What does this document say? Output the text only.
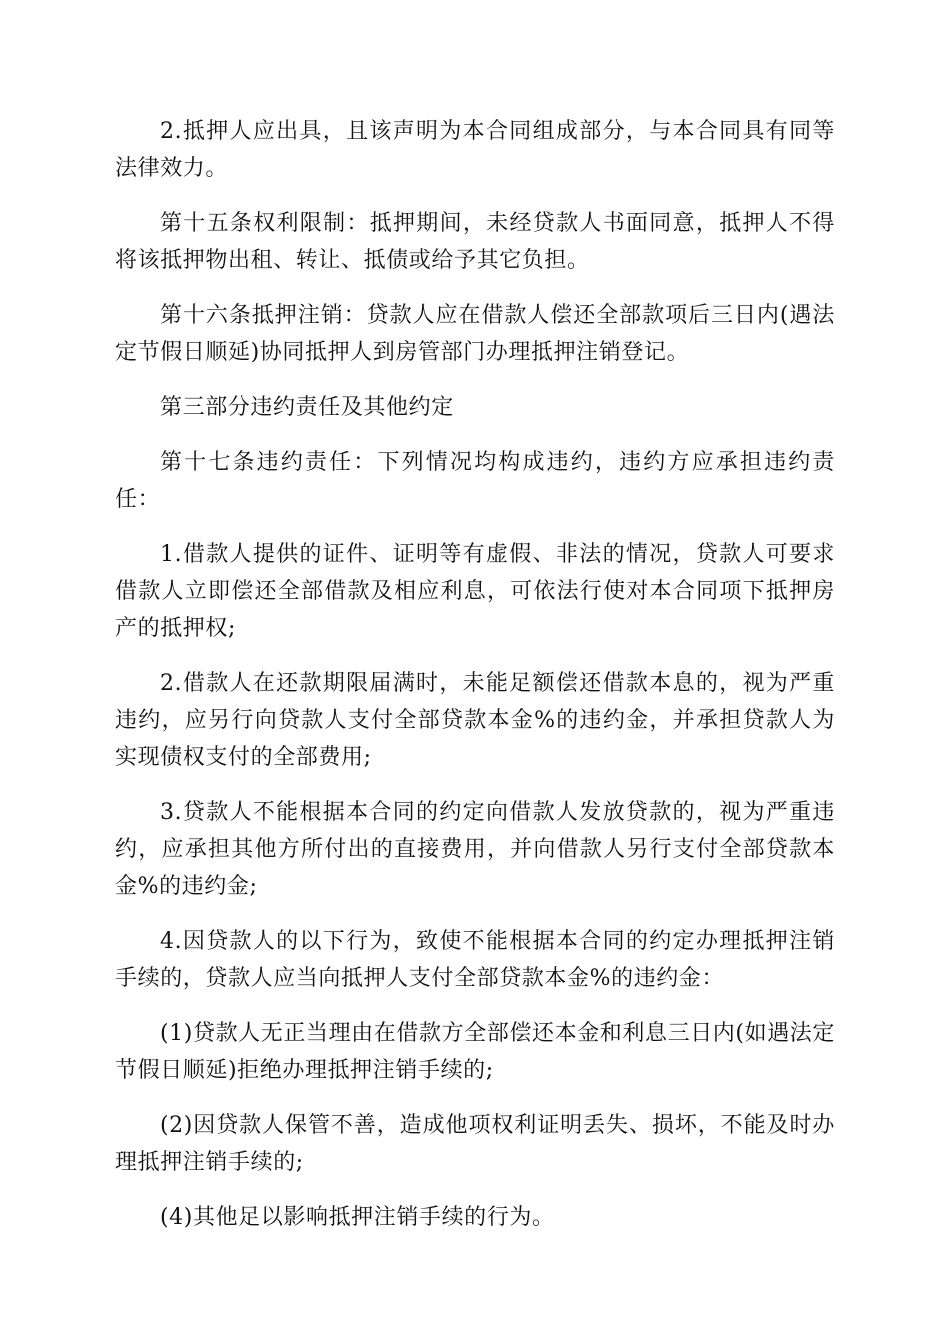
2.抵押人应出具，且该声明为本合同组成部分，与本合同具有同等法律效力。

第十五条权利限制：抵押期间，未经贷款人书面同意，抵押人不得将该抵押物出租、转让、抵债或给予其它负担。

第十六条抵押注销：贷款人应在借款人偿还全部款项后三日内(遇法定节假日顺延)协同抵押人到房管部门办理抵押注销登记。

第三部分违约责任及其他约定

第十七条违约责任：下列情况均构成违约，违约方应承担违约责任：

1.借款人提供的证件、证明等有虚假、非法的情况，贷款人可要求借款人立即偿还全部借款及相应利息，可依法行使对本合同项下抵押房产的抵押权;

2.借款人在还款期限届满时，未能足额偿还借款本息的，视为严重违约，应另行向贷款人支付全部贷款本金%的违约金，并承担贷款人为实现债权支付的全部费用;

3.贷款人不能根据本合同的约定向借款人发放贷款的，视为严重违约，应承担其他方所付出的直接费用，并向借款人另行支付全部贷款本金%的违约金;

4.因贷款人的以下行为，致使不能根据本合同的约定办理抵押注销手续的，贷款人应当向抵押人支付全部贷款本金%的违约金：

(1)贷款人无正当理由在借款方全部偿还本金和利息三日内(如遇法定节假日顺延)拒绝办理抵押注销手续的;

(2)因贷款人保管不善，造成他项权利证明丢失、损坏，不能及时办理抵押注销手续的;

(4)其他足以影响抵押注销手续的行为。
